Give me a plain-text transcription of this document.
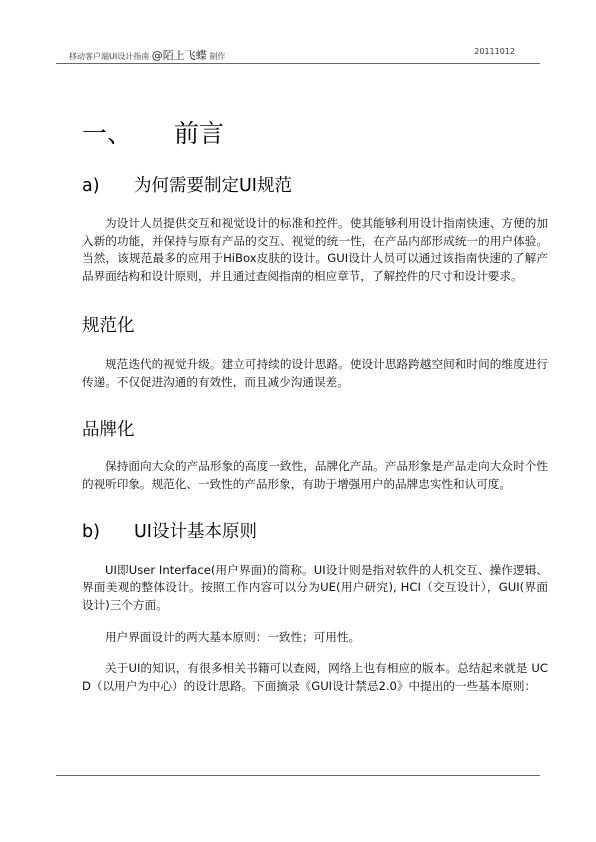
移动客户端UI设计指南 @陌上飞蝶 制作
20111012
一、	前言
a)	为何需要制定UI规范

为设计人员提供交互和视觉设计的标准和控件。使其能够利用设计指南快速、方便的加入新的功能，并保持与原有产品的交互、视觉的统一性，在产品内部形成统一的用户体验。当然，该规范最多的应用于HiBox皮肤的设计。GUI设计人员可以通过该指南快速的了解产品界面结构和设计原则，并且通过查阅指南的相应章节，了解控件的尺寸和设计要求。

规范化

规范迭代的视觉升级。建立可持续的设计思路。使设计思路跨越空间和时间的维度进行传递。不仅促进沟通的有效性，而且减少沟通误差。

品牌化

保持面向大众的产品形象的高度一致性，品牌化产品。产品形象是产品走向大众时个性的视听印象。规范化、一致性的产品形象，有助于增强用户的品牌忠实性和认可度。

b)	UI设计基本原则

UI即User Interface(用户界面)的简称。UI设计则是指对软件的人机交互、操作逻辑、界面美观的整体设计。按照工作内容可以分为UE(用户研究), HCI（交互设计），GUI(界面设计)三个方面。

用户界面设计的两大基本原则：一致性；可用性。

关于UI的知识，有很多相关书籍可以查阅，网络上也有相应的版本。总结起来就是 UCD（以用户为中心）的设计思路。下面摘录《GUI设计禁忌2.0》中提出的一些基本原则：
